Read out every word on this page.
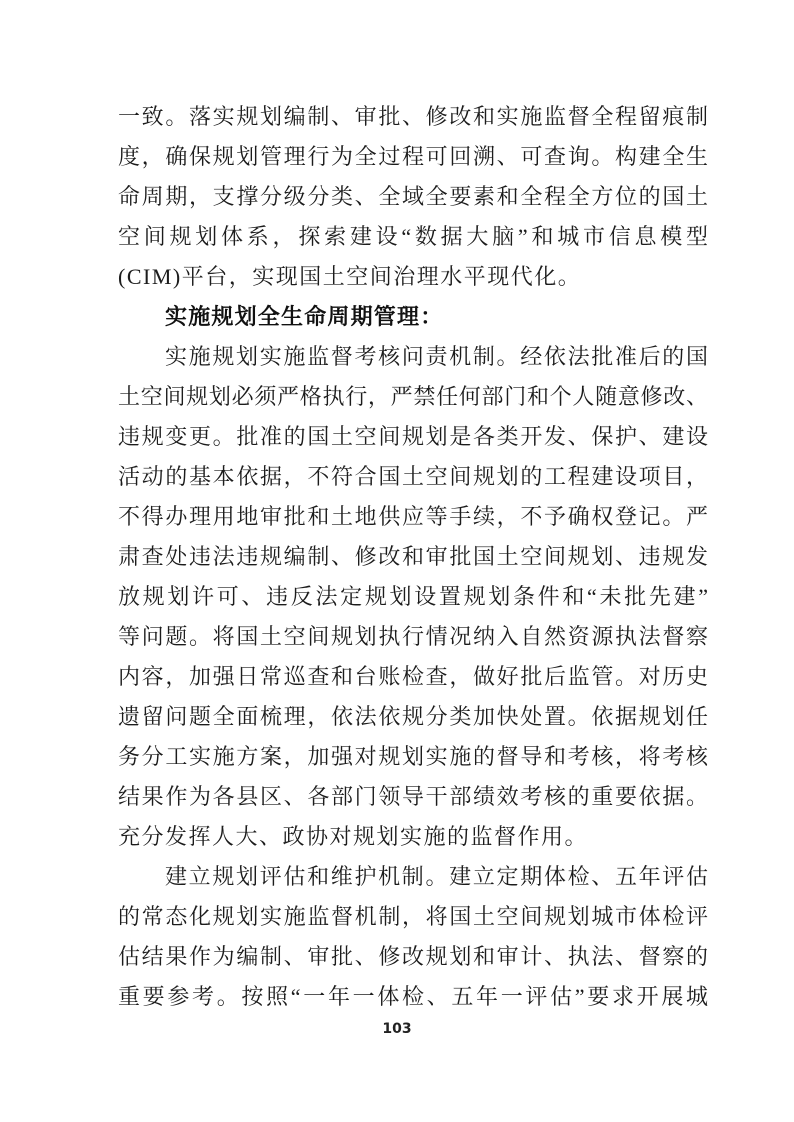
一致。落实规划编制、审批、修改和实施监督全程留痕制
度，确保规划管理行为全过程可回溯、可查询。构建全生
命周期，支撑分级分类、全域全要素和全程全方位的国土
空间规划体系，探索建设“数据大脑”和城市信息模型
(CIM)平台，实现国土空间治理水平现代化。
实施规划全生命周期管理：
实施规划实施监督考核问责机制。经依法批准后的国
土空间规划必须严格执行，严禁任何部门和个人随意修改、
违规变更。批准的国土空间规划是各类开发、保护、建设
活动的基本依据，不符合国土空间规划的工程建设项目，
不得办理用地审批和土地供应等手续，不予确权登记。严
肃查处违法违规编制、修改和审批国土空间规划、违规发
放规划许可、违反法定规划设置规划条件和“未批先建”
等问题。将国土空间规划执行情况纳入自然资源执法督察
内容，加强日常巡查和台账检查，做好批后监管。对历史
遗留问题全面梳理，依法依规分类加快处置。依据规划任
务分工实施方案，加强对规划实施的督导和考核，将考核
结果作为各县区、各部门领导干部绩效考核的重要依据。
充分发挥人大、政协对规划实施的监督作用。
建立规划评估和维护机制。建立定期体检、五年评估
的常态化规划实施监督机制，将国土空间规划城市体检评
估结果作为编制、审批、修改规划和审计、执法、督察的
重要参考。按照“一年一体检、五年一评估”要求开展城
103
